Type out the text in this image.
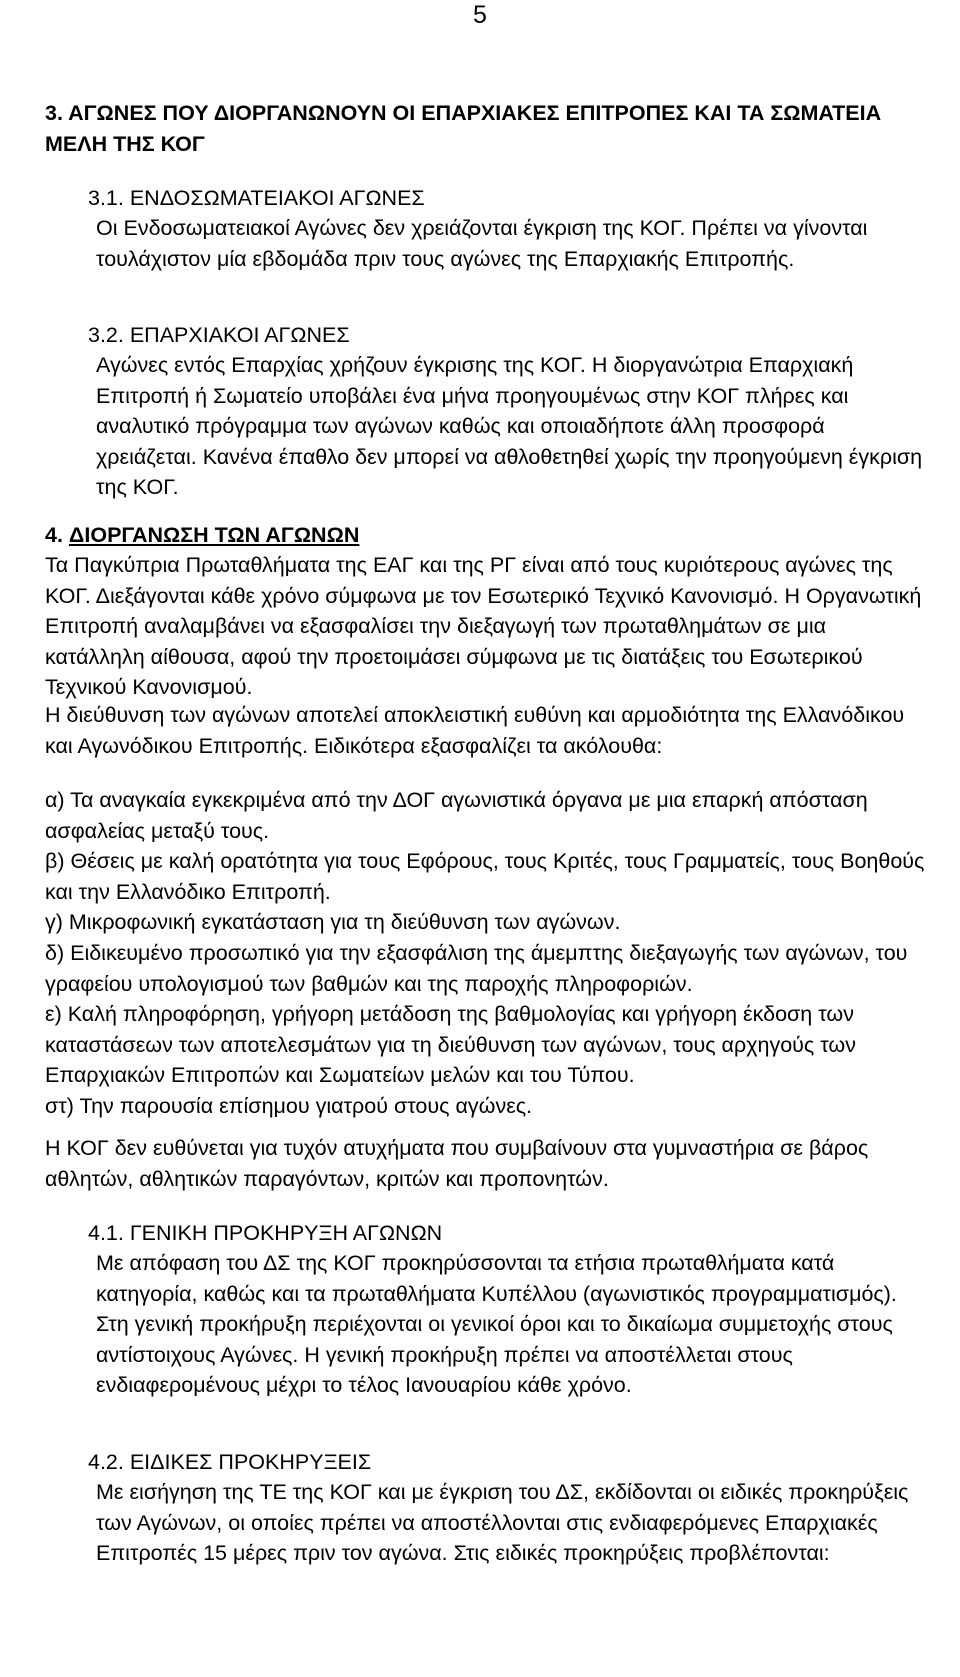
5

3. ΑΓΩΝΕΣ ΠΟΥ ΔΙΟΡΓΑΝΩΝΟΥΝ ΟΙ ΕΠΑΡΧΙΑΚΕΣ ΕΠΙΤΡΟΠΕΣ ΚΑΙ ΤΑ ΣΩΜΑΤΕΙΑ ΜΕΛΗ ΤΗΣ ΚΟΓ

3.1. ΕΝΔΟΣΩΜΑΤΕΙΑΚΟΙ ΑΓΩΝΕΣ

Οι Ενδοσωματειακοί Αγώνες δεν χρειάζονται έγκριση της ΚΟΓ. Πρέπει να γίνονται τουλάχιστον μία εβδομάδα πριν τους αγώνες της Επαρχιακής Επιτροπής.

3.2. ΕΠΑΡΧΙΑΚΟΙ ΑΓΩΝΕΣ

Αγώνες εντός Επαρχίας χρήζουν έγκρισης της ΚΟΓ. Η διοργανώτρια Επαρχιακή Επιτροπή ή Σωματείο υποβάλει ένα μήνα προηγουμένως στην ΚΟΓ πλήρες και αναλυτικό πρόγραμμα των αγώνων καθώς και οποιαδήποτε άλλη προσφορά χρειάζεται. Κανένα έπαθλο δεν μπορεί να αθλοθετηθεί χωρίς την προηγούμενη έγκριση της ΚΟΓ.

4. ΔΙΟΡΓΑΝΩΣΗ ΤΩΝ ΑΓΩΝΩΝ

Τα Παγκύπρια Πρωταθλήματα της ΕΑΓ και της ΡΓ είναι από τους κυριότερους αγώνες της ΚΟΓ. Διεξάγονται κάθε χρόνο σύμφωνα με τον Εσωτερικό Τεχνικό Κανονισμό. Η Οργανωτική Επιτροπή αναλαμβάνει να εξασφαλίσει την διεξαγωγή των πρωταθλημάτων σε μια κατάλληλη αίθουσα, αφού την προετοιμάσει σύμφωνα με τις διατάξεις του Εσωτερικού Τεχνικού Κανονισμού.

Η διεύθυνση των αγώνων αποτελεί αποκλειστική ευθύνη και αρμοδιότητα της Ελλανόδικου και Αγωνόδικου Επιτροπής. Ειδικότερα εξασφαλίζει τα ακόλουθα:

α) Τα αναγκαία εγκεκριμένα από την ΔΟΓ αγωνιστικά όργανα με μια επαρκή απόσταση ασφαλείας μεταξύ τους.

β) Θέσεις με καλή ορατότητα για τους Εφόρους, τους Κριτές, τους Γραμματείς, τους Βοηθούς και την Ελλανόδικο Επιτροπή.

γ) Μικροφωνική εγκατάσταση για τη διεύθυνση των αγώνων.

δ) Ειδικευμένο προσωπικό για την εξασφάλιση της άμεμπτης διεξαγωγής των αγώνων, του γραφείου υπολογισμού των βαθμών και της παροχής πληροφοριών.

ε) Καλή πληροφόρηση, γρήγορη μετάδοση της βαθμολογίας και γρήγορη έκδοση των καταστάσεων των αποτελεσμάτων για τη διεύθυνση των αγώνων, τους αρχηγούς των Επαρχιακών Επιτροπών και Σωματείων μελών και του Τύπου.

στ) Την παρουσία επίσημου γιατρού στους αγώνες.

Η ΚΟΓ δεν ευθύνεται για τυχόν ατυχήματα που συμβαίνουν στα γυμναστήρια σε βάρος αθλητών, αθλητικών παραγόντων, κριτών και προπονητών.

4.1. ΓΕΝΙΚΗ ΠΡΟΚΗΡΥΞΗ ΑΓΩΝΩΝ

Με απόφαση του ΔΣ της ΚΟΓ προκηρύσσονται τα ετήσια πρωταθλήματα κατά κατηγορία, καθώς και τα πρωταθλήματα Κυπέλλου (αγωνιστικός προγραμματισμός). Στη γενική προκήρυξη περιέχονται οι γενικοί όροι και το δικαίωμα συμμετοχής στους αντίστοιχους Αγώνες. Η γενική προκήρυξη πρέπει να αποστέλλεται στους ενδιαφερομένους μέχρι το τέλος Ιανουαρίου κάθε χρόνο.

4.2. ΕΙΔΙΚΕΣ ΠΡΟΚΗΡΥΞΕΙΣ

Με εισήγηση της ΤΕ της ΚΟΓ και με έγκριση του ΔΣ, εκδίδονται οι ειδικές προκηρύξεις των Αγώνων, οι οποίες πρέπει να αποστέλλονται στις ενδιαφερόμενες Επαρχιακές Επιτροπές 15 μέρες πριν τον αγώνα. Στις ειδικές προκηρύξεις προβλέπονται:
